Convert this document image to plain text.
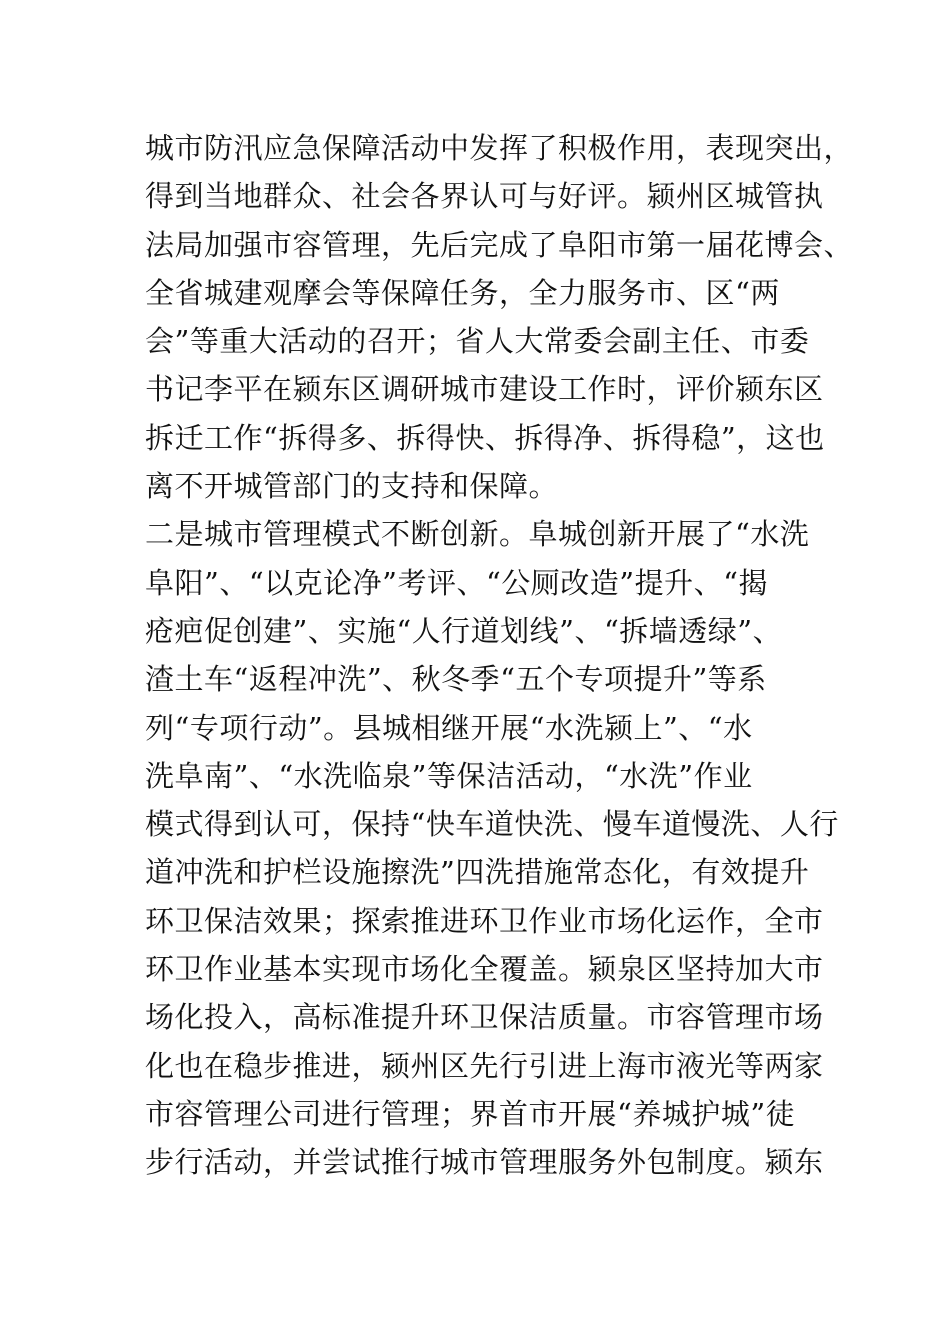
城市防汛应急保障活动中发挥了积极作用，表现突出，
得到当地群众、社会各界认可与好评。颍州区城管执
法局加强市容管理，先后完成了阜阳市第一届花博会、
全省城建观摩会等保障任务，全力服务市、区“两
会”等重大活动的召开；省人大常委会副主任、市委
书记李平在颍东区调研城市建设工作时，评价颍东区
拆迁工作“拆得多、拆得快、拆得净、拆得稳”，这也
离不开城管部门的支持和保障。
二是城市管理模式不断创新。阜城创新开展了“水洗
阜阳”、“以克论净”考评、“公厕改造”提升、“揭
疮疤促创建”、实施“人行道划线”、“拆墙透绿”、
渣土车“返程冲洗”、秋冬季“五个专项提升”等系
列“专项行动”。县城相继开展“水洗颍上”、“水
洗阜南”、“水洗临泉”等保洁活动，“水洗”作业
模式得到认可，保持“快车道快洗、慢车道慢洗、人行
道冲洗和护栏设施擦洗”四洗措施常态化，有效提升
环卫保洁效果；探索推进环卫作业市场化运作，全市
环卫作业基本实现市场化全覆盖。颍泉区坚持加大市
场化投入，高标准提升环卫保洁质量。市容管理市场
化也在稳步推进，颍州区先行引进上海市液光等两家
市容管理公司进行管理；界首市开展“养城护城”徒
步行活动，并尝试推行城市管理服务外包制度。颍东
